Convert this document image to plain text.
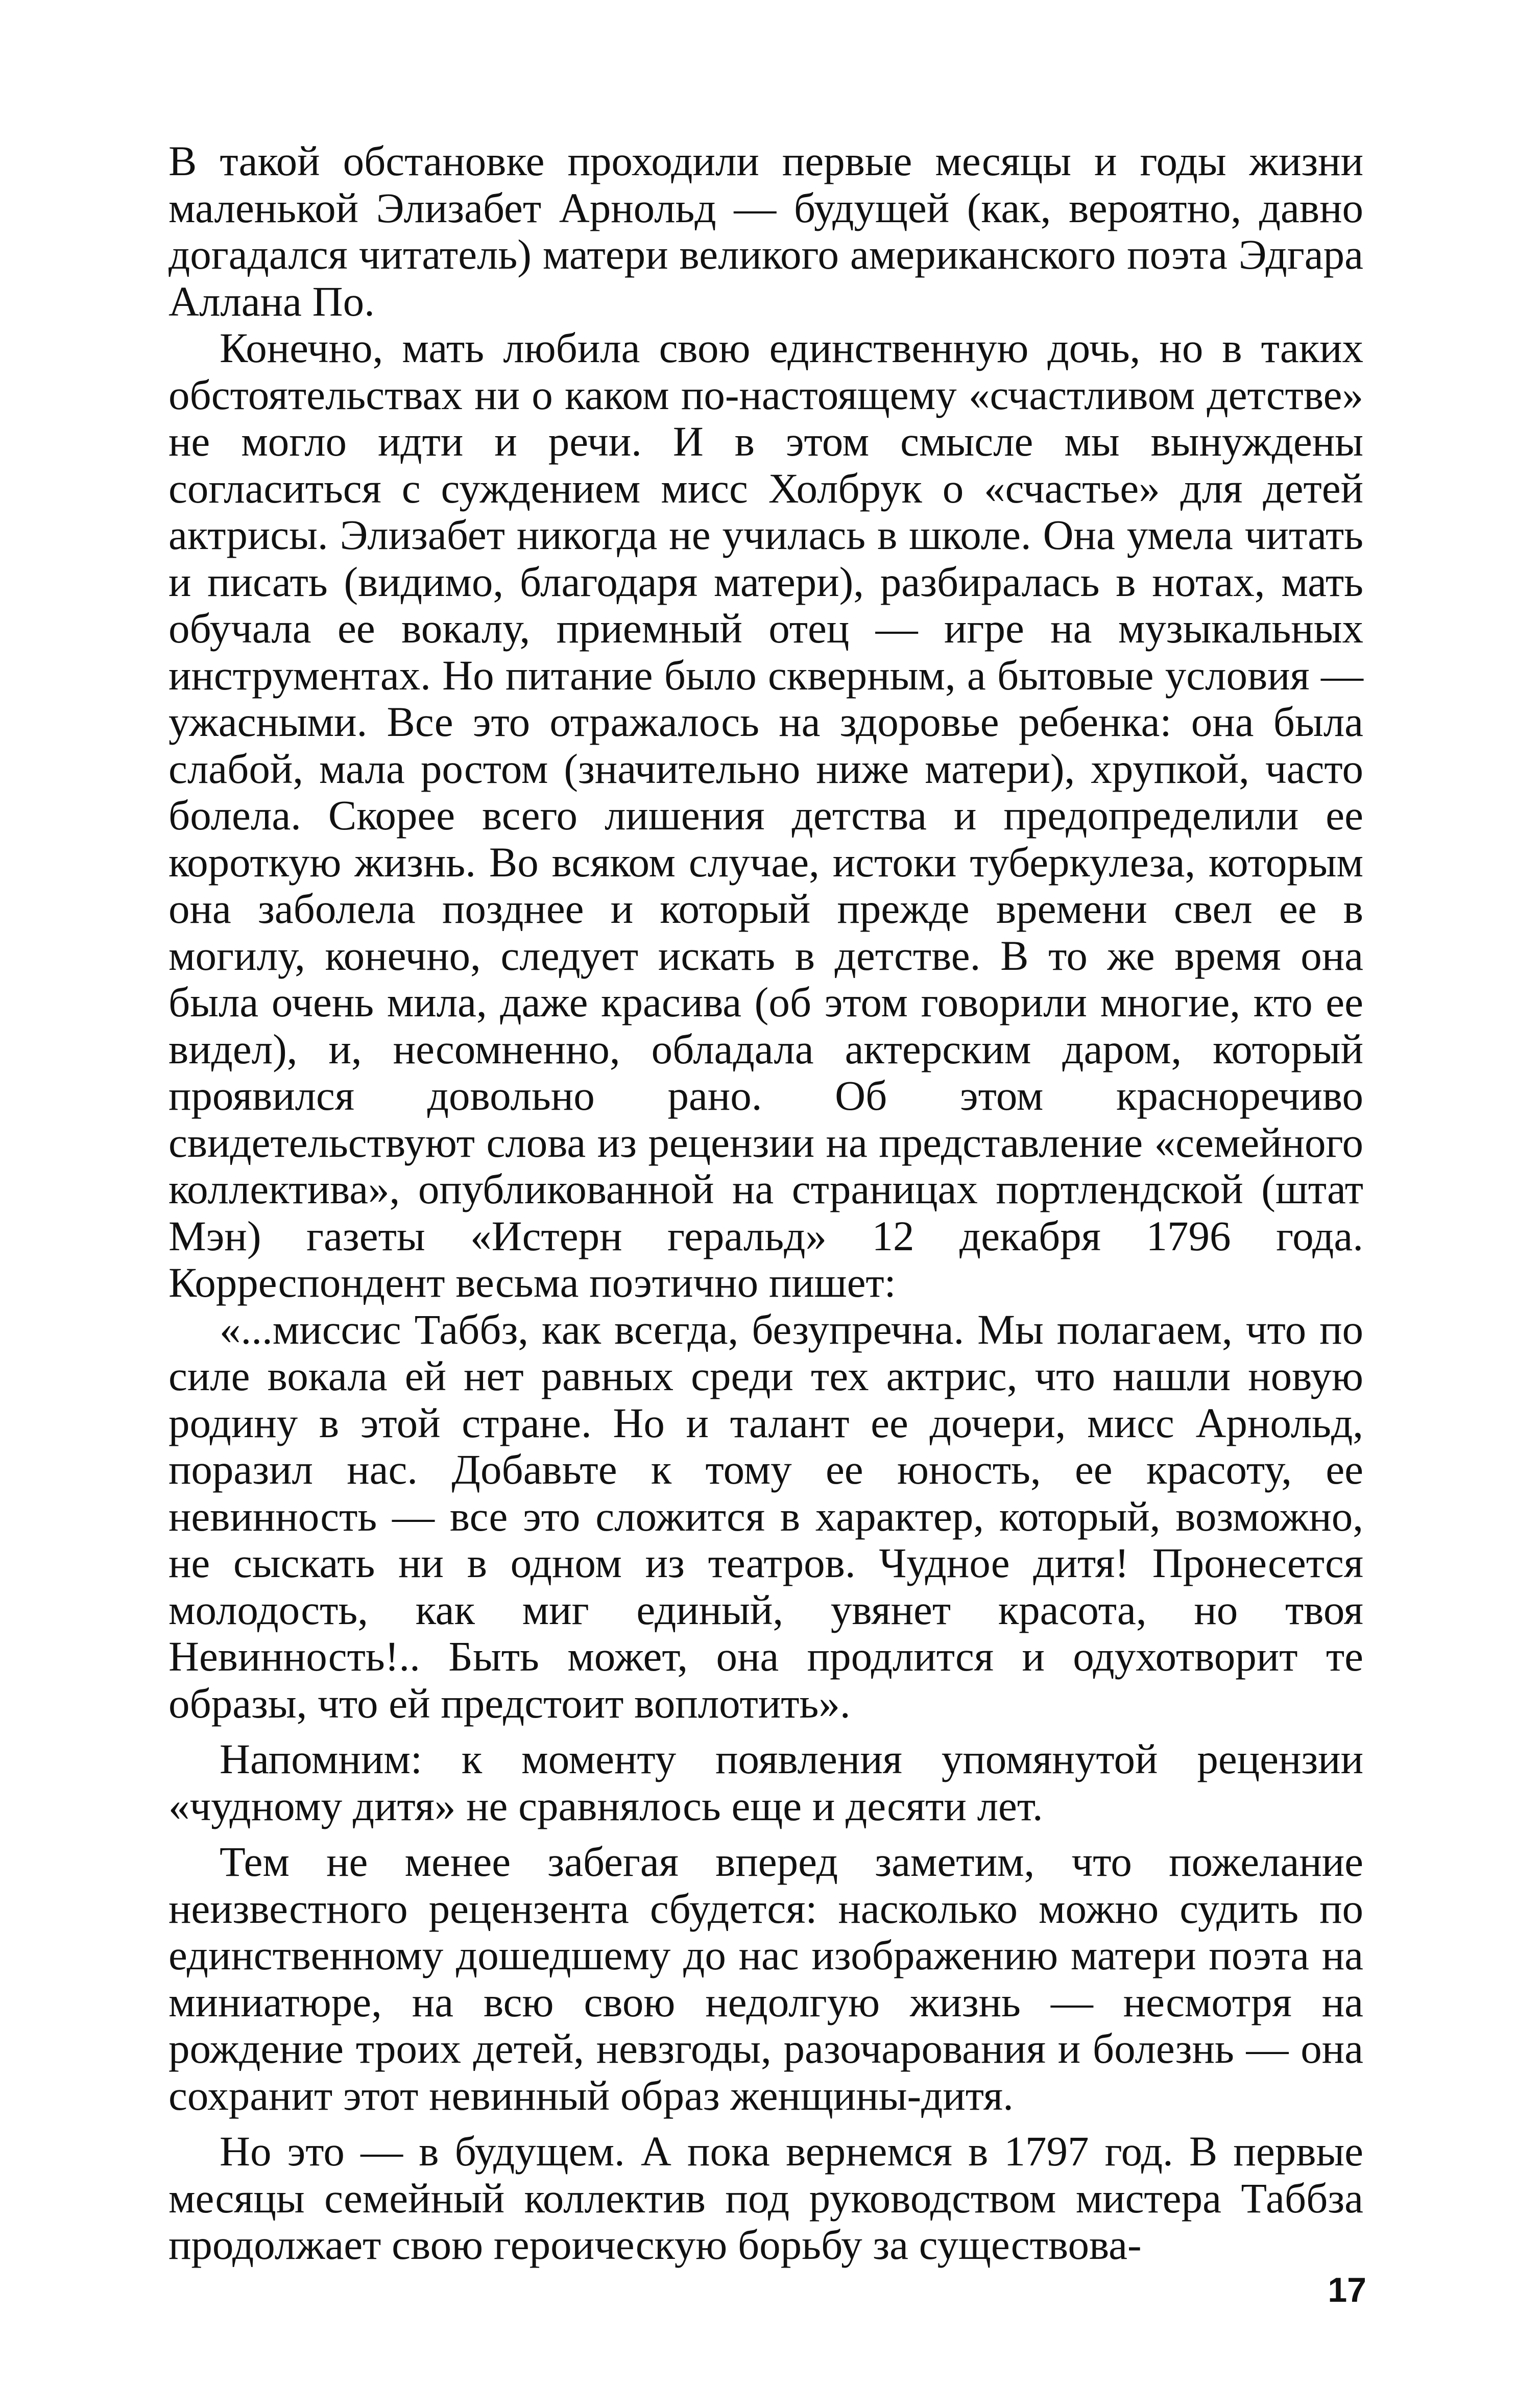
В такой обстановке проходили первые месяцы и годы жизни маленькой Элизабет Арнольд — будущей (как, вероятно, давно догадался читатель) матери великого американского поэта Эдгара Аллана По.

Конечно, мать любила свою единственную дочь, но в таких обстоятельствах ни о каком по-настоящему «счастливом детстве» не могло идти и речи. И в этом смысле мы вынуждены согласиться с суждением мисс Холбрук о «счастье» для детей актрисы. Элизабет никогда не училась в школе. Она умела читать и писать (видимо, благодаря матери), разбиралась в нотах, мать обучала ее вокалу, приемный отец — игре на музыкальных инструментах. Но питание было скверным, а бытовые условия — ужасными. Все это отражалось на здоровье ребенка: она была слабой, мала ростом (значительно ниже матери), хрупкой, часто болела. Скорее всего лишения детства и предопределили ее короткую жизнь. Во всяком случае, истоки туберкулеза, которым она заболела позднее и который прежде времени свел ее в могилу, конечно, следует искать в детстве. В то же время она была очень мила, даже красива (об этом говорили многие, кто ее видел), и, несомненно, обладала актерским даром, который проявился довольно рано. Об этом красноречиво свидетельствуют слова из рецензии на представление «семейного коллектива», опубликованной на страницах портлендской (штат Мэн) газеты «Истерн геральд» 12 декабря 1796 года. Корреспондент весьма поэтично пишет:

«...миссис Таббз, как всегда, безупречна. Мы полагаем, что по силе вокала ей нет равных среди тех актрис, что нашли новую родину в этой стране. Но и талант ее дочери, мисс Арнольд, поразил нас. Добавьте к тому ее юность, ее красоту, ее невинность — все это сложится в характер, который, возможно, не сыскать ни в одном из театров. Чудное дитя! Пронесется молодость, как миг единый, увянет красота, но твоя Невинность!.. Быть может, она продлится и одухотворит те образы, что ей предстоит воплотить».

Напомним: к моменту появления упомянутой рецензии «чудному дитя» не сравнялось еще и десяти лет.

Тем не менее забегая вперед заметим, что пожелание неизвестного рецензента сбудется: насколько можно судить по единственному дошедшему до нас изображению матери поэта на миниатюре, на всю свою недолгую жизнь — несмотря на рождение троих детей, невзгоды, разочарования и болезнь — она сохранит этот невинный образ женщины-дитя.

Но это — в будущем. А пока вернемся в 1797 год. В первые месяцы семейный коллектив под руководством мистера Таббза продолжает свою героическую борьбу за существова-

17
